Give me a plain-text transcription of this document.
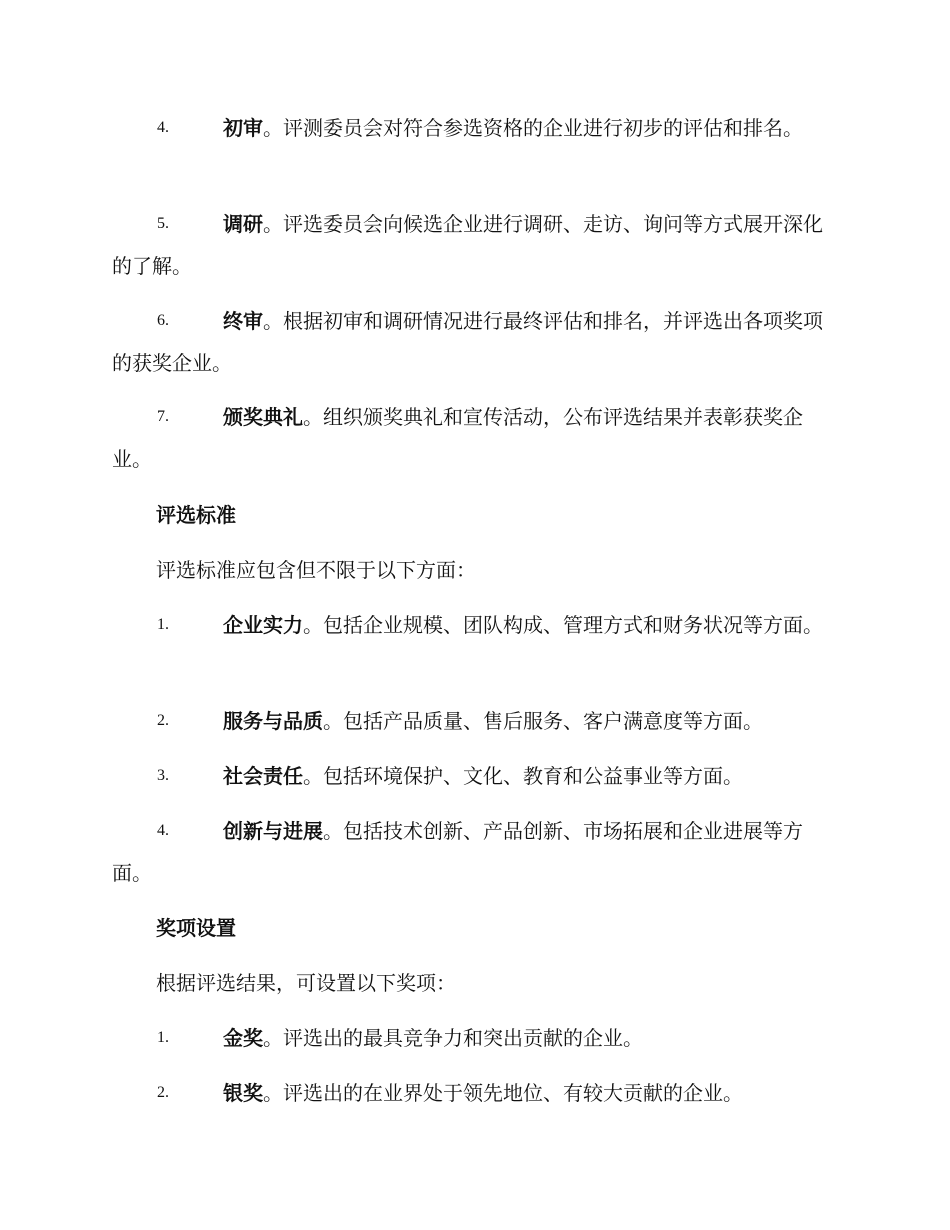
4.	初审。评测委员会对符合参选资格的企业进行初步的评估和排名。
5.	调研。评选委员会向候选企业进行调研、走访、询问等方式展开深化的了解。
6.	终审。根据初审和调研情况进行最终评估和排名，并评选出各项奖项的获奖企业。
7.	颁奖典礼。组织颁奖典礼和宣传活动，公布评选结果并表彰获奖企业。
评选标准
评选标准应包含但不限于以下方面：
1.	企业实力。包括企业规模、团队构成、管理方式和财务状况等方面。
2.	服务与品质。包括产品质量、售后服务、客户满意度等方面。
3.	社会责任。包括环境保护、文化、教育和公益事业等方面。
4.	创新与进展。包括技术创新、产品创新、市场拓展和企业进展等方面。
奖项设置
根据评选结果，可设置以下奖项：
1.	金奖。评选出的最具竞争力和突出贡献的企业。
2.	银奖。评选出的在业界处于领先地位、有较大贡献的企业。
